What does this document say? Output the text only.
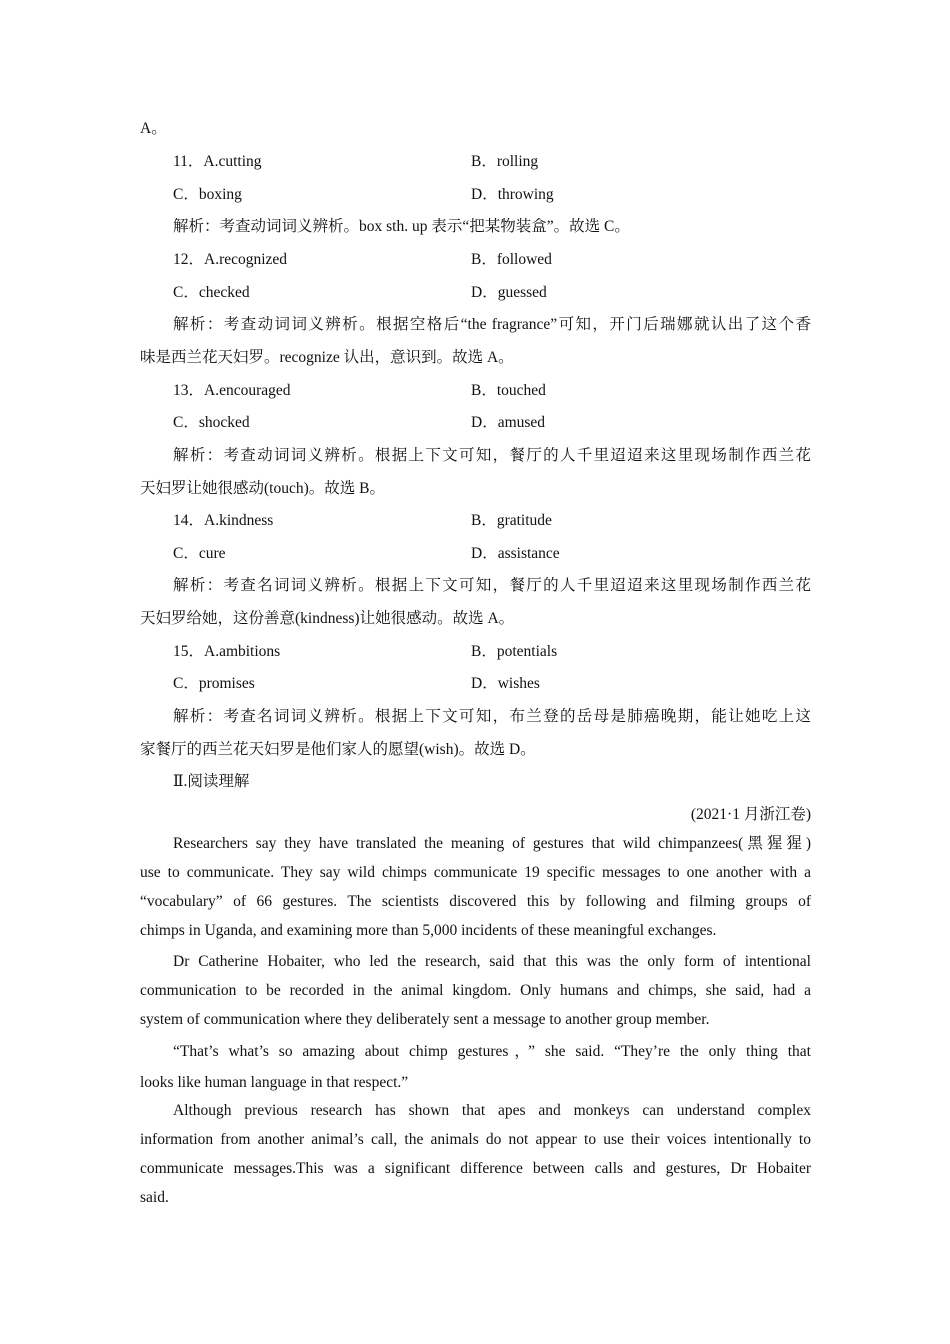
A。
11．A.cutting	B．rolling
C．boxing	D．throwing
解析：考查动词词义辨析。box sth. up 表示“把某物装盒”。故选 C。
12．A.recognized	B．followed
C．checked	D．guessed
解析：考查动词词义辨析。根据空格后“the fragrance”可知，开门后瑞娜就认出了这个香
味是西兰花天妇罗。recognize 认出，意识到。故选 A。
13．A.encouraged	B．touched
C．shocked	D．amused
解析：考查动词词义辨析。根据上下文可知，餐厅的人千里迢迢来这里现场制作西兰花
天妇罗让她很感动(touch)。故选 B。
14．A.kindness	B．gratitude
C．cure	D．assistance
解析：考查名词词义辨析。根据上下文可知，餐厅的人千里迢迢来这里现场制作西兰花
天妇罗给她，这份善意(kindness)让她很感动。故选 A。
15．A.ambitions	B．potentials
C．promises	D．wishes
解析：考查名词词义辨析。根据上下文可知，布兰登的岳母是肺癌晚期，能让她吃上这
家餐厅的西兰花天妇罗是他们家人的愿望(wish)。故选 D。
Ⅱ.阅读理解
(2021·1 月浙江卷)
Researchers say they have translated the meaning of gestures that wild chimpanzees(黑猩猩)
use to communicate. They say wild chimps communicate 19 specific messages to one another with a
“vocabulary” of 66 gestures. The scientists discovered this by following and filming groups of
chimps in Uganda, and examining more than 5,000 incidents of these meaningful exchanges.
Dr Catherine Hobaiter, who led the research, said that this was the only form of intentional
communication to be recorded in the animal kingdom. Only humans and chimps, she said, had a
system of communication where they deliberately sent a message to another group member.
“That’s what’s so amazing about chimp gestures，” she said. “They’re the only thing that
looks like human language in that respect.”
Although previous research has shown that apes and monkeys can understand complex
information from another animal’s call, the animals do not appear to use their voices intentionally to
communicate messages.This was a significant difference between calls and gestures, Dr Hobaiter
said.
